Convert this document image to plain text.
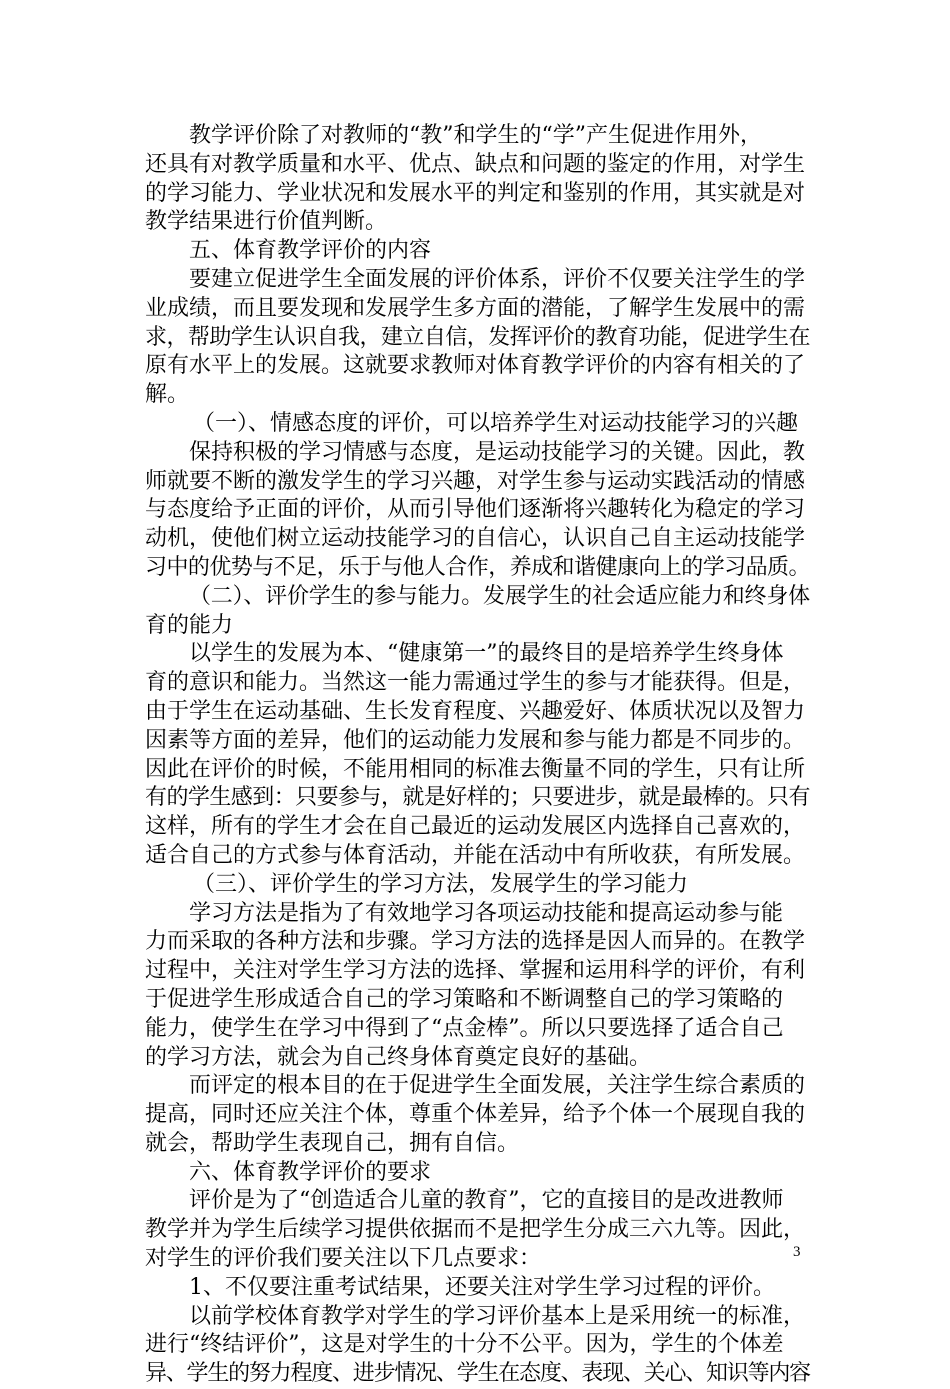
教学评价除了对教师的“教”和学生的“学”产生促进作用外，
还具有对教学质量和水平、优点、缺点和问题的鉴定的作用，对学生
的学习能力、学业状况和发展水平的判定和鉴别的作用，其实就是对
教学结果进行价值判断。
五、体育教学评价的内容
要建立促进学生全面发展的评价体系，评价不仅要关注学生的学
业成绩，而且要发现和发展学生多方面的潜能，了解学生发展中的需
求，帮助学生认识自我，建立自信，发挥评价的教育功能，促进学生在
原有水平上的发展。这就要求教师对体育教学评价的内容有相关的了
解。
（一）、情感态度的评价，可以培养学生对运动技能学习的兴趣
保持积极的学习情感与态度，是运动技能学习的关键。因此，教
师就要不断的激发学生的学习兴趣，对学生参与运动实践活动的情感
与态度给予正面的评价，从而引导他们逐渐将兴趣转化为稳定的学习
动机，使他们树立运动技能学习的自信心，认识自己自主运动技能学
习中的优势与不足，乐于与他人合作，养成和谐健康向上的学习品质。
（二）、评价学生的参与能力。发展学生的社会适应能力和终身体
育的能力
以学生的发展为本、“健康第一”的最终目的是培养学生终身体
育的意识和能力。当然这一能力需通过学生的参与才能获得。但是，
由于学生在运动基础、生长发育程度、兴趣爱好、体质状况以及智力
因素等方面的差异，他们的运动能力发展和参与能力都是不同步的。
因此在评价的时候，不能用相同的标准去衡量不同的学生，只有让所
有的学生感到：只要参与，就是好样的；只要进步，就是最棒的。只有
这样，所有的学生才会在自己最近的运动发展区内选择自己喜欢的，
适合自己的方式参与体育活动，并能在活动中有所收获，有所发展。
（三）、评价学生的学习方法，发展学生的学习能力
学习方法是指为了有效地学习各项运动技能和提高运动参与能
力而采取的各种方法和步骤。学习方法的选择是因人而异的。在教学
过程中，关注对学生学习方法的选择、掌握和运用科学的评价，有利
于促进学生形成适合自己的学习策略和不断调整自己的学习策略的
能力，使学生在学习中得到了“点金棒”。所以只要选择了适合自己
的学习方法，就会为自己终身体育奠定良好的基础。
而评定的根本目的在于促进学生全面发展，关注学生综合素质的
提高，同时还应关注个体，尊重个体差异，给予个体一个展现自我的
就会，帮助学生表现自己，拥有自信。
六、体育教学评价的要求
评价是为了“创造适合儿童的教育”，它的直接目的是改进教师
教学并为学生后续学习提供依据而不是把学生分成三六九等。因此，
对学生的评价我们要关注以下几点要求：
1、不仅要注重考试结果，还要关注对学生学习过程的评价。
以前学校体育教学对学生的学习评价基本上是采用统一的标准，
进行“终结评价”，这是对学生的十分不公平。因为，学生的个体差
异、学生的努力程度、进步情况、学生在态度、表现、关心、知识等内容
3
